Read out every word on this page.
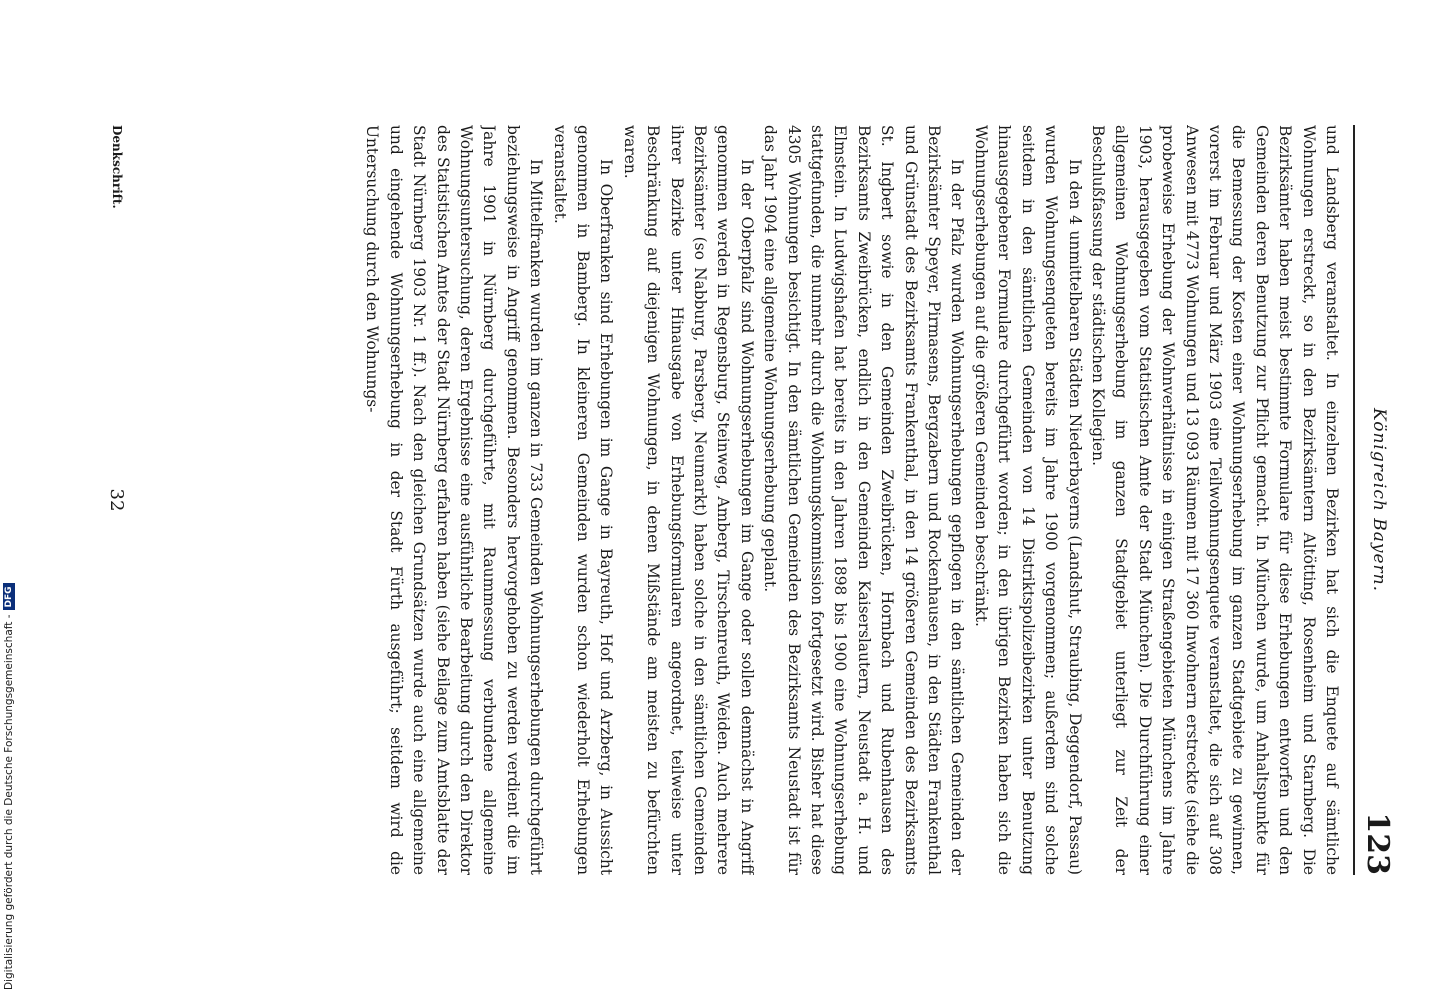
Königreich Bayern.
123

und Landsberg veranstaltet. In einzelnen Bezirken hat sich die Enquete auf sämtliche Wohnungen erstreckt, so in den Bezirksämtern Altötting, Rosenheim und Starnberg. Die Bezirksämter haben meist bestimmte Formulare für diese Erhebungen entworfen und den Gemeinden deren Benutzung zur Pflicht gemacht. In München wurde, um Anhaltspunkte für die Bemessung der Kosten einer Wohnungserhebung im ganzen Stadtgebiete zu gewinnen, vorerst im Februar und März 1903 eine Teilwohnungsenquete veranstaltet, die sich auf 308 Anwesen mit 4773 Wohnungen und 13 093 Räumen mit 17 360 Inwohnern erstreckte (siehe die probeweise Erhebung der Wohnverhältnisse in einigen Straßengebieten Münchens im Jahre 1903, herausgegeben vom Statistischen Amte der Stadt München). Die Durchführung einer allgemeinen Wohnungserhebung im ganzen Stadtgebiet unterliegt zur Zeit der Beschlußfassung der städtischen Kollegien.

In den 4 unmittelbaren Städten Niederbayerns (Landshut, Straubing, Deggendorf, Passau) wurden Wohnungsenqueten bereits im Jahre 1900 vorgenommen; außerdem sind solche seitdem in den sämtlichen Gemeinden von 14 Distriktspolizeibezirken unter Benutzung hinausgegebener Formulare durchgeführt worden; in den übrigen Bezirken haben sich die Wohnungserhebungen auf die größeren Gemeinden beschränkt.

In der Pfalz wurden Wohnungserhebungen gepflogen in den sämtlichen Gemeinden der Bezirksämter Speyer, Pirmasens, Bergzabern und Rockenhausen, in den Städten Frankenthal und Grünstadt des Bezirksamts Frankenthal, in den 14 größeren Gemeinden des Bezirksamts St. Ingbert sowie in den Gemeinden Zweibrücken, Hornbach und Rubenhausen des Bezirksamts Zweibrücken, endlich in den Gemeinden Kaiserslautern, Neustadt a. H. und Elmstein. In Ludwigshafen hat bereits in den Jahren 1898 bis 1900 eine Wohnungserhebung stattgefunden, die nunmehr durch die Wohnungskommission fortgesetzt wird. Bisher hat diese 4305 Wohnungen besichtigt. In den sämtlichen Gemeinden des Bezirksamts Neustadt ist für das Jahr 1904 eine allgemeine Wohnungserhebung geplant.

In der Oberpfalz sind Wohnungserhebungen im Gange oder sollen demnächst in Angriff genommen werden in Regensburg, Steinweg, Amberg, Tirschenreuth, Weiden. Auch mehrere Bezirksämter (so Nabburg, Parsberg, Neumarkt) haben solche in den sämtlichen Gemeinden ihrer Bezirke unter Hinausgabe von Erhebungsformularen angeordnet, teilweise unter Beschränkung auf diejenigen Wohnungen, in denen Mißstände am meisten zu befürchten waren.

In Oberfranken sind Erhebungen im Gange in Bayreuth, Hof und Arzberg, in Aussicht genommen in Bamberg. In kleineren Gemeinden wurden schon wiederholt Erhebungen veranstaltet.

In Mittelfranken wurden im ganzen in 733 Gemeinden Wohnungserhebungen durchgeführt beziehungsweise in Angriff genommen. Besonders hervorgehoben zu werden verdient die im Jahre 1901 in Nürnberg durchgeführte, mit Raummessung verbundene allgemeine Wohnungsuntersuchung, deren Ergebnisse eine ausführliche Bearbeitung durch den Direktor des Statistischen Amtes der Stadt Nürnberg erfahren haben (siehe Beilage zum Amtsblatte der Stadt Nürnberg 1903 Nr. 1 ff.). Nach den gleichen Grundsätzen wurde auch eine allgemeine und eingehende Wohnungserhebung in der Stadt Fürth ausgeführt; seitdem wird die Untersuchung durch den Wohnungs-

Denkschrift.
32
Digitalisierung gefördert durch die Deutsche Forschungsgemeinschaft -
DFG
